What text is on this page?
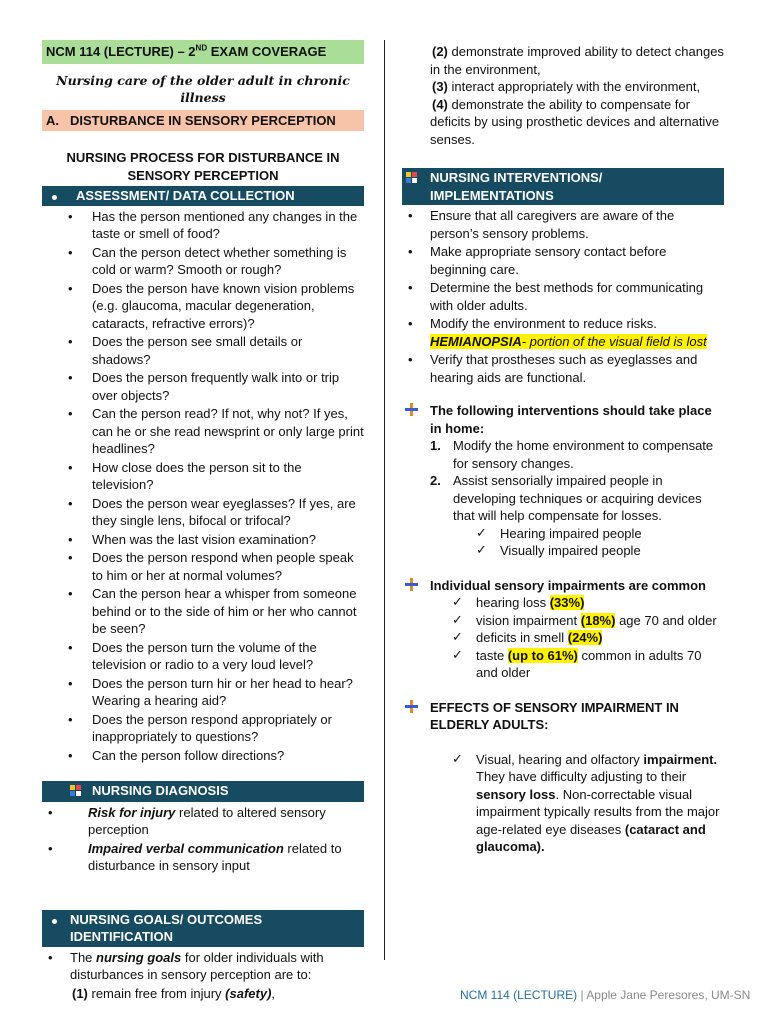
NCM 114 (LECTURE) – 2ND EXAM COVERAGE
Nursing care of the older adult in chronic illness
A. DISTURBANCE IN SENSORY PERCEPTION
NURSING PROCESS FOR DISTURBANCE IN SENSORY PERCEPTION
ASSESSMENT/ DATA COLLECTION
• Has the person mentioned any changes in the taste or smell of food?
• Can the person detect whether something is cold or warm? Smooth or rough?
• Does the person have known vision problems (e.g. glaucoma, macular degeneration, cataracts, refractive errors)?
• Does the person see small details or shadows?
• Does the person frequently walk into or trip over objects?
• Can the person read? If not, why not? If yes, can he or she read newsprint or only large print headlines?
• How close does the person sit to the television?
• Does the person wear eyeglasses? If yes, are they single lens, bifocal or trifocal?
• When was the last vision examination?
• Does the person respond when people speak to him or her at normal volumes?
• Can the person hear a whisper from someone behind or to the side of him or her who cannot be seen?
• Does the person turn the volume of the television or radio to a very loud level?
• Does the person turn hir or her head to hear? Wearing a hearing aid?
• Does the person respond appropriately or inappropriately to questions?
• Can the person follow directions?
NURSING DIAGNOSIS
• Risk for injury related to altered sensory perception
• Impaired verbal communication related to disturbance in sensory input
NURSING GOALS/ OUTCOMES IDENTIFICATION
• The nursing goals for older individuals with disturbances in sensory perception are to:
(1) remain free from injury (safety),
(2) demonstrate improved ability to detect changes in the environment,
(3) interact appropriately with the environment,
(4) demonstrate the ability to compensate for deficits by using prosthetic devices and alternative senses.
NURSING INTERVENTIONS/ IMPLEMENTATIONS
• Ensure that all caregivers are aware of the person’s sensory problems.
• Make appropriate sensory contact before beginning care.
• Determine the best methods for communicating with older adults.
• Modify the environment to reduce risks.
HEMIANOPSIA- portion of the visual field is lost
• Verify that prostheses such as eyeglasses and hearing aids are functional.
The following interventions should take place in home:
1. Modify the home environment to compensate for sensory changes.
2. Assist sensorially impaired people in developing techniques or acquiring devices that will help compensate for losses.
✓ Hearing impaired people
✓ Visually impaired people
Individual sensory impairments are common
✓ hearing loss (33%)
✓ vision impairment (18%) age 70 and older
✓ deficits in smell (24%)
✓ taste (up to 61%) common in adults 70 and older
EFFECTS OF SENSORY IMPAIRMENT IN ELDERLY ADULTS:
✓ Visual, hearing and olfactory impairment. They have difficulty adjusting to their sensory loss. Non-correctable visual impairment typically results from the major age-related eye diseases (cataract and glaucoma).
NCM 114 (LECTURE) | Apple Jane Peresores, UM-SN
